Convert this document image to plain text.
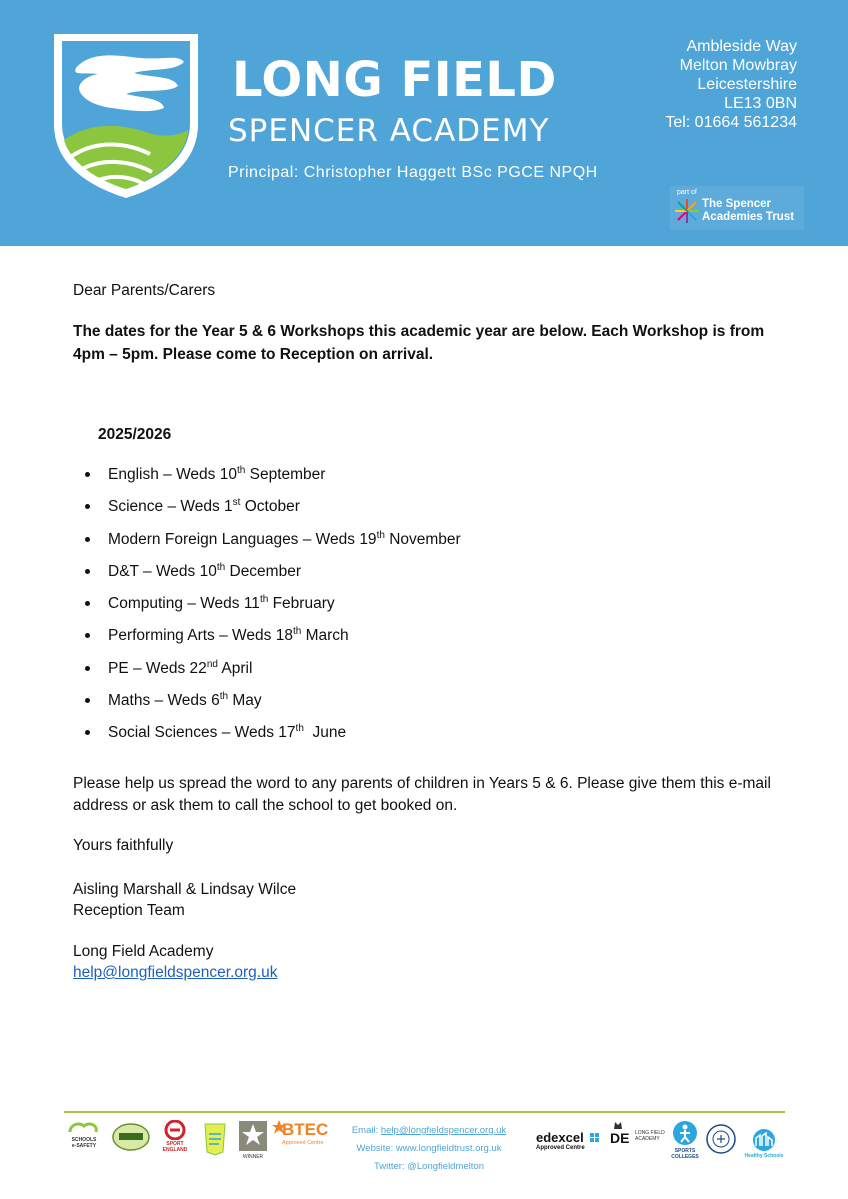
LONG FIELD
SPENCER ACADEMY
Principal: Christopher Haggett BSc PGCE NPQH
Ambleside Way
Melton Mowbray
Leicestershire
LE13 0BN
Tel: 01664 561234
part of
The Spencer
Academies Trust
Dear Parents/Carers
The dates for the Year 5 & 6 Workshops this academic year are below. Each Workshop is from 4pm – 5pm. Please come to Reception on arrival.
2025/2026
English – Weds 10th September
Science – Weds 1st October
Modern Foreign Languages – Weds 19th November
D&T – Weds 10th December
Computing – Weds 11th February
Performing Arts – Weds 18th March
PE – Weds 22nd April
Maths – Weds 6th May
Social Sciences – Weds 17th  June
Please help us spread the word to any parents of children in Years 5 & 6. Please give them this e-mail address or ask them to call the school to get booked on.
Yours faithfully
Aisling Marshall & Lindsay Wilce
Reception Team
Long Field Academy
help@longfieldspencer.org.uk
SCHOOLS
e-SAFETY	SPORT
ENGLAND
WINNER
BTEC
Approved Centre
Email: help@longfieldspencer.org.uk
Website: www.longfieldtrust.org.uk
Twitter: @Longfieldmelton
edexcel
Approved Centre
DE LONG FIELD
ACADEMY
SPORTS
COLLEGES	Healthy Schools
